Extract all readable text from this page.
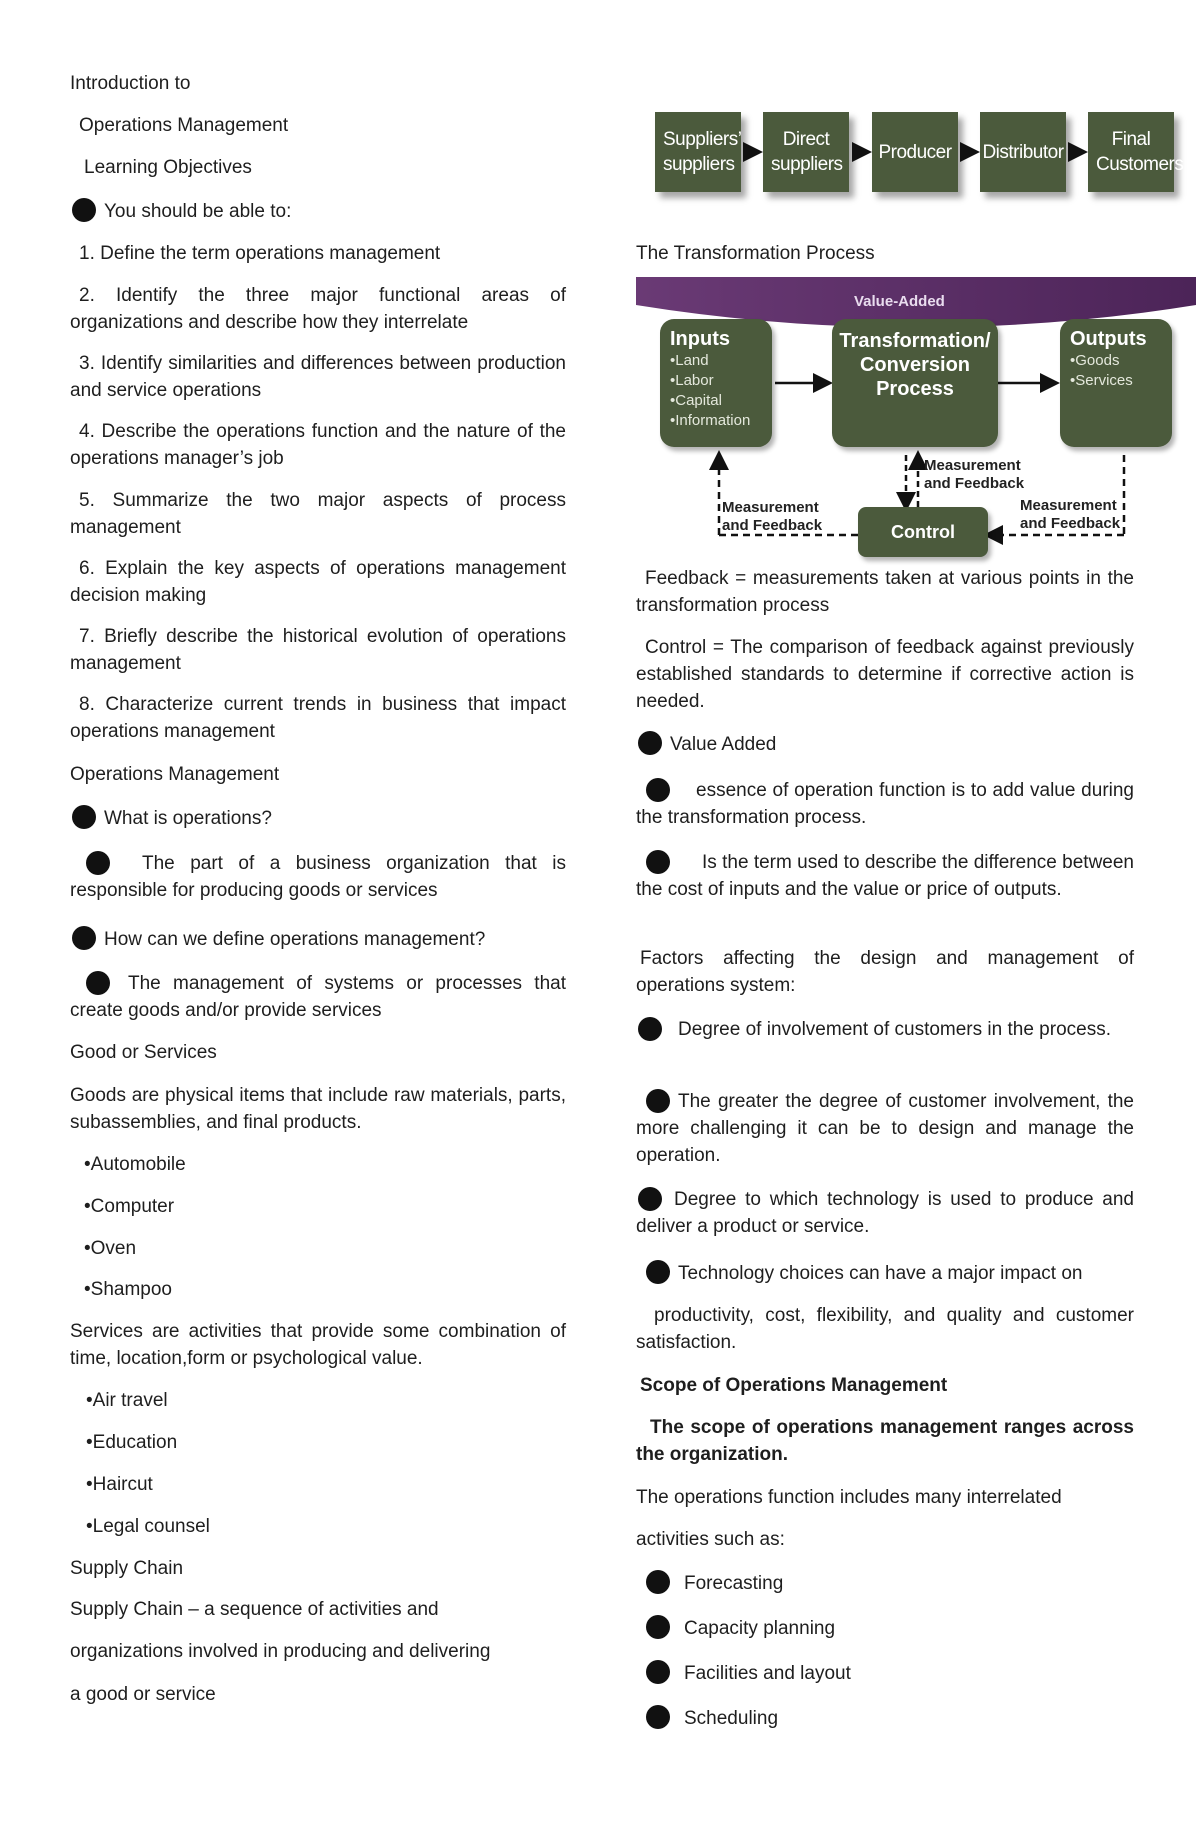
Introduction to

Operations Management

Learning Objectives

You should be able to:

1. Define the term operations management

2. Identify the three major functional areas of organizations and describe how they interrelate

3. Identify similarities and differences between production and service operations

4. Describe the operations function and the nature of the operations manager’s job

5. Summarize the two major aspects of process management

6. Explain the key aspects of operations management decision making

7. Briefly describe the historical evolution of operations management

8. Characterize current trends in business that impact operations management

Operations Management

What is operations?

The part of a business organization that is responsible for producing goods or services

How can we define operations management?

The management of systems or processes that create goods and/or provide services

Good or Services

Goods are physical items that include raw materials, parts, subassemblies, and final products.

•Automobile

•Computer

•Oven

•Shampoo

Services are activities that provide some combination of time, location,form or psychological value.

•Air travel

•Education

•Haircut

•Legal counsel

Supply Chain

Supply Chain – a sequence of activities and

organizations involved in producing and delivering

a good or service

Suppliers’ suppliers
Direct suppliers
Producer Distributor
Final Customers

The Transformation Process

Value-Added
Inputs
•Land
•Labor
•Capital
•Information
Transformation/
Conversion
Process
Outputs
•Goods
•Services
Control
Measurement
and Feedback
Measurement
and Feedback
Measurement
and Feedback

Feedback = measurements taken at various points in the transformation process

Control = The comparison of feedback against previously established standards to determine if corrective action is needed.

Value Added

essence of operation function is to add value during the transformation process.

Is the term used to describe the difference between the cost of inputs and the value or price of outputs.

Factors affecting the design and management of operations system:

Degree of involvement of customers in the process.

The greater the degree of customer involvement, the more challenging it can be to design and manage the operation.

Degree to which technology is used to produce and deliver a product or service.

Technology choices can have a major impact on

productivity, cost, flexibility, and quality and customer satisfaction.

Scope of Operations Management

The scope of operations management ranges across the organization.

The operations function includes many interrelated

activities such as:

Forecasting

Capacity planning

Facilities and layout

Scheduling
